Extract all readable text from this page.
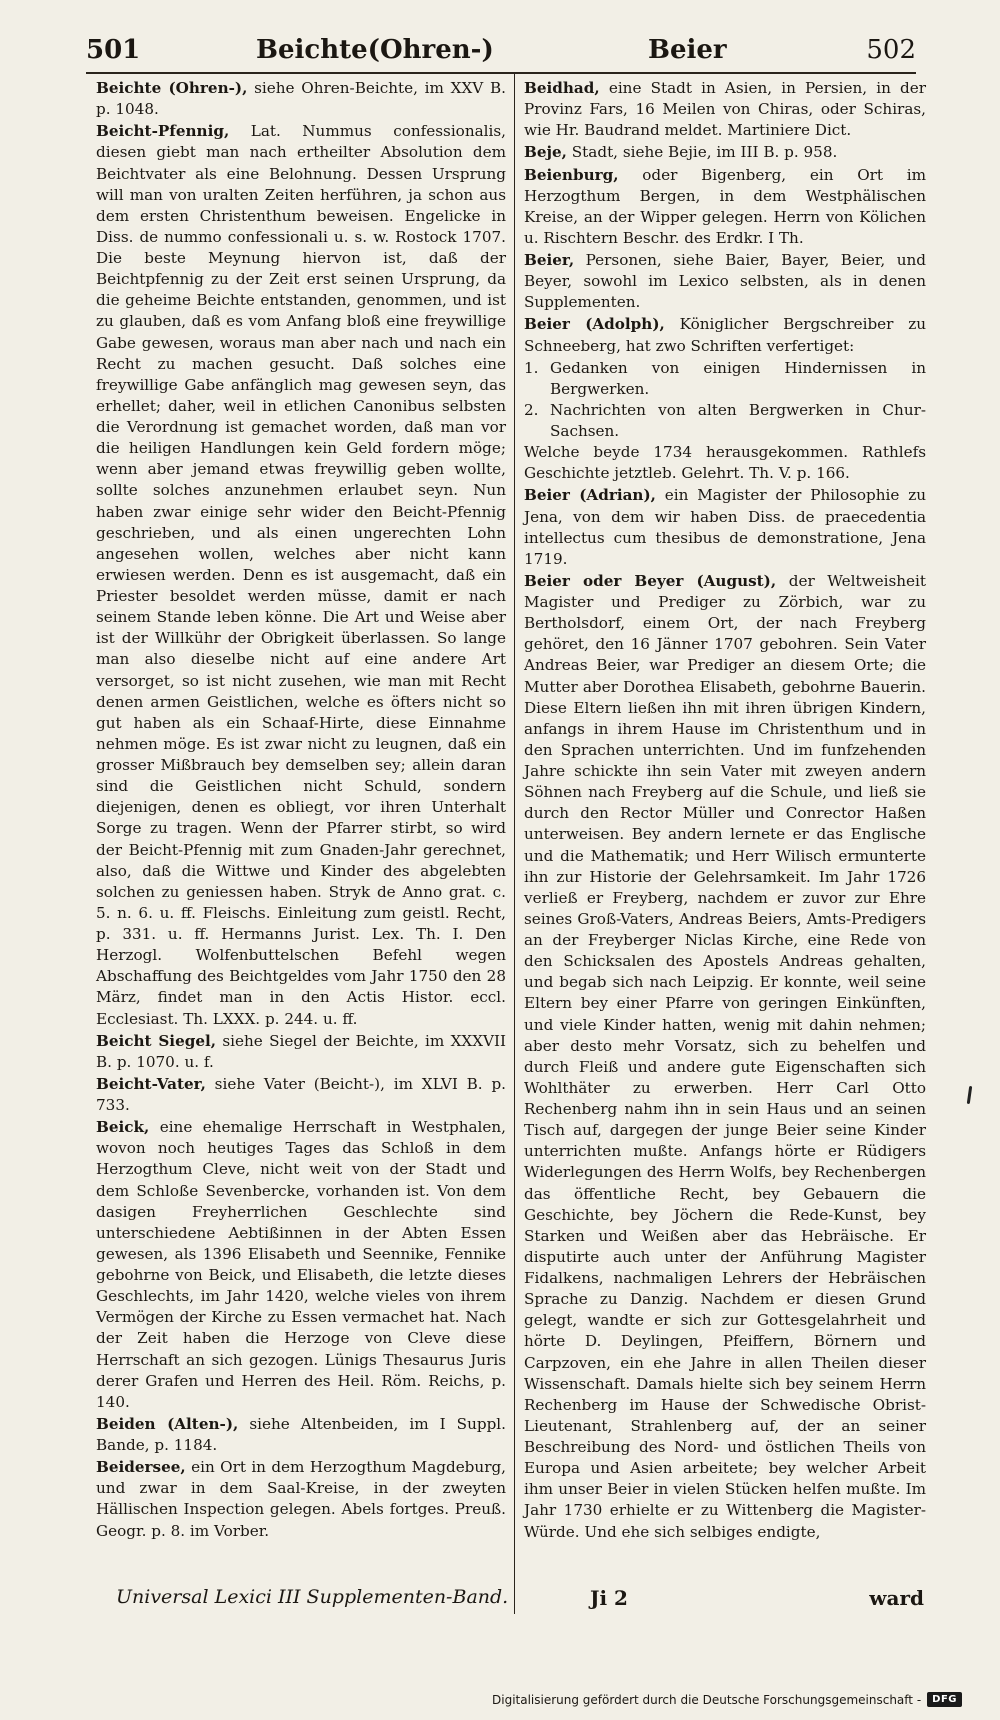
501	Beichte(Ohren-)	Beier	502

Beichte (Ohren-), siehe Ohren-Beichte, im XXV B. p. 1048.

Beicht-Pfennig, Lat. Nummus confessionalis, diesen giebt man nach ertheilter Absolution dem Beichtvater als eine Belohnung. Dessen Ursprung will man von uralten Zeiten herführen, ja schon aus dem ersten Christenthum beweisen. Engelicke in Diss. de nummo confessionali u. s. w. Rostock 1707. Die beste Meynung hiervon ist, daß der Beichtpfennig zu der Zeit erst seinen Ursprung, da die geheime Beichte entstanden, genommen, und ist zu glauben, daß es vom Anfang bloß eine freywillige Gabe gewesen, woraus man aber nach und nach ein Recht zu machen gesucht. Daß solches eine freywillige Gabe anfänglich mag gewesen seyn, das erhellet; daher, weil in etlichen Canonibus selbsten die Verordnung ist gemachet worden, daß man vor die heiligen Handlungen kein Geld fordern möge; wenn aber jemand etwas freywillig geben wollte, sollte solches anzunehmen erlaubet seyn. Nun haben zwar einige sehr wider den Beicht-Pfennig geschrieben, und als einen ungerechten Lohn angesehen wollen, welches aber nicht kann erwiesen werden. Denn es ist ausgemacht, daß ein Priester besoldet werden müsse, damit er nach seinem Stande leben könne. Die Art und Weise aber ist der Willkühr der Obrigkeit überlassen. So lange man also dieselbe nicht auf eine andere Art versorget, so ist nicht zusehen, wie man mit Recht denen armen Geistlichen, welche es öfters nicht so gut haben als ein Schaaf-Hirte, diese Einnahme nehmen möge. Es ist zwar nicht zu leugnen, daß ein grosser Mißbrauch bey demselben sey; allein daran sind die Geistlichen nicht Schuld, sondern diejenigen, denen es obliegt, vor ihren Unterhalt Sorge zu tragen. Wenn der Pfarrer stirbt, so wird der Beicht-Pfennig mit zum Gnaden-Jahr gerechnet, also, daß die Wittwe und Kinder des abgelebten solchen zu geniessen haben. Stryk de Anno grat. c. 5. n. 6. u. ff. Fleischs. Einleitung zum geistl. Recht, p. 331. u. ff. Hermanns Jurist. Lex. Th. I. Den Herzogl. Wolfenbuttelschen Befehl wegen Abschaffung des Beichtgeldes vom Jahr 1750 den 28 März, findet man in den Actis Histor. eccl. Ecclesiast. Th. LXXX. p. 244. u. ff.

Beicht Siegel, siehe Siegel der Beichte, im XXXVII B. p. 1070. u. f.

Beicht-Vater, siehe Vater (Beicht-), im XLVI B. p. 733.

Beick, eine ehemalige Herrschaft in Westphalen, wovon noch heutiges Tages das Schloß in dem Herzogthum Cleve, nicht weit von der Stadt und dem Schloße Sevenbercke, vorhanden ist. Von dem dasigen Freyherrlichen Geschlechte sind unterschiedene Aebtißinnen in der Abten Essen gewesen, als 1396 Elisabeth und Seennike, Fennike gebohrne von Beick, und Elisabeth, die letzte dieses Geschlechts, im Jahr 1420, welche vieles von ihrem Vermögen der Kirche zu Essen vermachet hat. Nach der Zeit haben die Herzoge von Cleve diese Herrschaft an sich gezogen. Lünigs Thesaurus Juris derer Grafen und Herren des Heil. Röm. Reichs, p. 140.

Beiden (Alten-), siehe Altenbeiden, im I Suppl. Bande, p. 1184.

Beidersee, ein Ort in dem Herzogthum Magdeburg, und zwar in dem Saal-Kreise, in der zweyten Hällischen Inspection gelegen. Abels fortges. Preuß. Geogr. p. 8. im Vorber.

Beidhad, eine Stadt in Asien, in Persien, in der Provinz Fars, 16 Meilen von Chiras, oder Schiras, wie Hr. Baudrand meldet. Martiniere Dict.

Beje, Stadt, siehe Bejie, im III B. p. 958.

Beienburg, oder Bigenberg, ein Ort im Herzogthum Bergen, in dem Westphälischen Kreise, an der Wipper gelegen. Herrn von Kölichen u. Rischtern Beschr. des Erdkr. I Th.

Beier, Personen, siehe Baier, Bayer, Beier, und Beyer, sowohl im Lexico selbsten, als in denen Supplementen.

Beier (Adolph), Königlicher Bergschreiber zu Schneeberg, hat zwo Schriften verfertiget:

1. Gedanken von einigen Hindernissen in Bergwerken.

2. Nachrichten von alten Bergwerken in Chur-Sachsen.

Welche beyde 1734 herausgekommen. Rathlefs Geschichte jetztleb. Gelehrt. Th. V. p. 166.

Beier (Adrian), ein Magister der Philosophie zu Jena, von dem wir haben Diss. de praecedentia intellectus cum thesibus de demonstratione, Jena 1719.

Beier oder Beyer (August), der Weltweisheit Magister und Prediger zu Zörbich, war zu Bertholsdorf, einem Ort, der nach Freyberg gehöret, den 16 Jänner 1707 gebohren. Sein Vater Andreas Beier, war Prediger an diesem Orte; die Mutter aber Dorothea Elisabeth, gebohrne Bauerin. Diese Eltern ließen ihn mit ihren übrigen Kindern, anfangs in ihrem Hause im Christenthum und in den Sprachen unterrichten. Und im funfzehenden Jahre schickte ihn sein Vater mit zweyen andern Söhnen nach Freyberg auf die Schule, und ließ sie durch den Rector Müller und Conrector Haßen unterweisen. Bey andern lernete er das Englische und die Mathematik; und Herr Wilisch ermunterte ihn zur Historie der Gelehrsamkeit. Im Jahr 1726 verließ er Freyberg, nachdem er zuvor zur Ehre seines Groß-Vaters, Andreas Beiers, Amts-Predigers an der Freyberger Niclas Kirche, eine Rede von den Schicksalen des Apostels Andreas gehalten, und begab sich nach Leipzig. Er konnte, weil seine Eltern bey einer Pfarre von geringen Einkünften, und viele Kinder hatten, wenig mit dahin nehmen; aber desto mehr Vorsatz, sich zu behelfen und durch Fleiß und andere gute Eigenschaften sich Wohlthäter zu erwerben. Herr Carl Otto Rechenberg nahm ihn in sein Haus und an seinen Tisch auf, dargegen der junge Beier seine Kinder unterrichten mußte. Anfangs hörte er Rüdigers Widerlegungen des Herrn Wolfs, bey Rechenbergen das öffentliche Recht, bey Gebauern die Geschichte, bey Jöchern die Rede-Kunst, bey Starken und Weißen aber das Hebräische. Er disputirte auch unter der Anführung Magister Fidalkens, nachmaligen Lehrers der Hebräischen Sprache zu Danzig. Nachdem er diesen Grund gelegt, wandte er sich zur Gottesgelahrheit und hörte D. Deylingen, Pfeiffern, Börnern und Carpzoven, ein ehe Jahre in allen Theilen dieser Wissenschaft. Damals hielte sich bey seinem Herrn Rechenberg im Hause der Schwedische Obrist-Lieutenant, Strahlenberg auf, der an seiner Beschreibung des Nord- und östlichen Theils von Europa und Asien arbeitete; bey welcher Arbeit ihm unser Beier in vielen Stücken helfen mußte. Im Jahr 1730 erhielte er zu Wittenberg die Magister-Würde. Und ehe sich selbiges endigte,

Universal Lexici III Supplementen-Band.	Ji 2	ward
Digitalisierung gefördert durch die Deutsche Forschungsgemeinschaft -	DFG
